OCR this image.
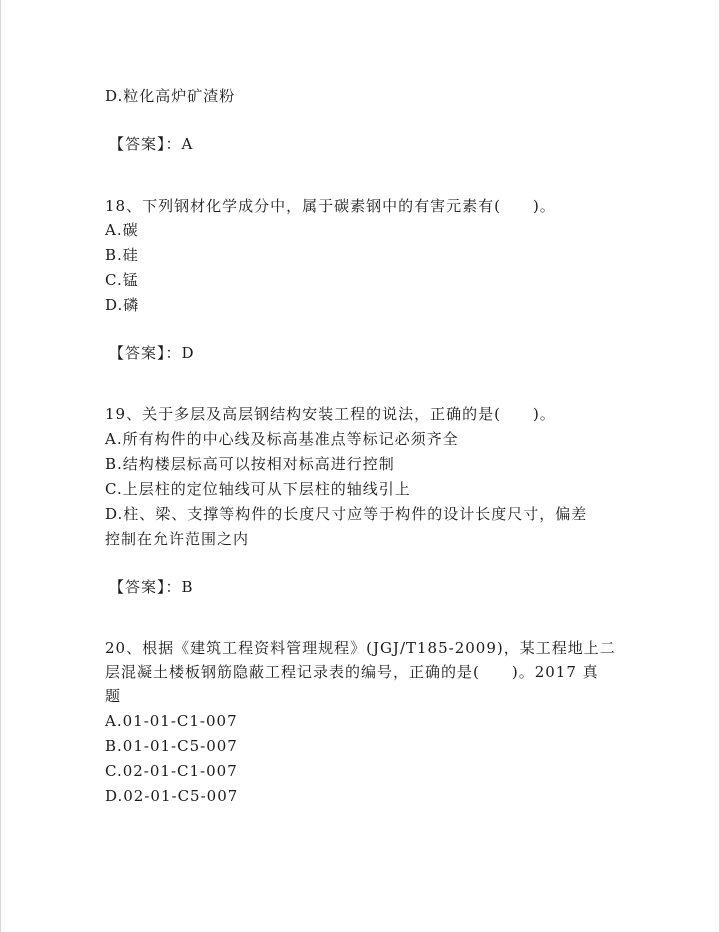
D.粒化高炉矿渣粉
【答案】：A
18、下列钢材化学成分中，属于碳素钢中的有害元素有(　　)。
A.碳
B.硅
C.锰
D.磷
【答案】：D
19、关于多层及高层钢结构安装工程的说法，正确的是(　　)。
A.所有构件的中心线及标高基准点等标记必须齐全
B.结构楼层标高可以按相对标高进行控制
C.上层柱的定位轴线可从下层柱的轴线引上
D.柱、梁、支撑等构件的长度尺寸应等于构件的设计长度尺寸，偏差
控制在允许范围之内
【答案】：B
20、根据《建筑工程资料管理规程》(JGJ/T185-2009)，某工程地上二
层混凝土楼板钢筋隐蔽工程记录表的编号，正确的是(　　)。2017 真
题
A.01-01-C1-007
B.01-01-C5-007
C.02-01-C1-007
D.02-01-C5-007
